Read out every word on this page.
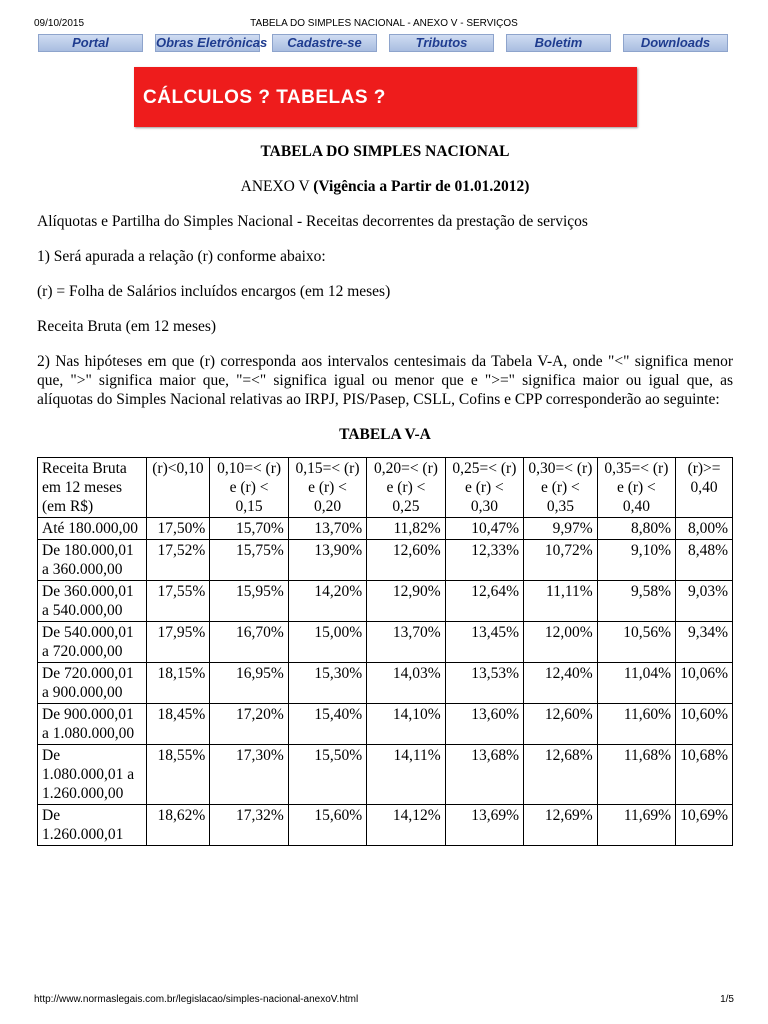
09/10/2015	TABELA DO SIMPLES NACIONAL - ANEXO V - SERVIÇOS
Portal	Obras Eletrônicas	Cadastre-se	Tributos	Boletim	Downloads
CÁLCULOS ? TABELAS ?

TABELA DO SIMPLES NACIONAL

ANEXO V (Vigência a Partir de 01.01.2012)

Alíquotas e Partilha do Simples Nacional - Receitas decorrentes da prestação de serviços

1) Será apurada a relação (r) conforme abaixo:

(r) = Folha de Salários incluídos encargos (em 12 meses)

Receita Bruta (em 12 meses)

2) Nas hipóteses em que (r) corresponda aos intervalos centesimais da Tabela V-A, onde "<" significa menor que, ">" significa maior que, "=<" significa igual ou menor que e ">=" significa maior ou igual que, as alíquotas do Simples Nacional relativas ao IRPJ, PIS/Pasep, CSLL, Cofins e CPP corresponderão ao seguinte:

TABELA V-A

Receita Bruta em 12 meses (em R$)	(r)<0,10	0,10=< (r) e (r) < 0,15	0,15=< (r) e (r) < 0,20	0,20=< (r) e (r) < 0,25	0,25=< (r) e (r) < 0,30	0,30=< (r) e (r) < 0,35	0,35=< (r) e (r) < 0,40	(r)>= 0,40
Até 180.000,00	17,50%	15,70%	13,70%	11,82%	10,47%	9,97%	8,80%	8,00%
De 180.000,01 a 360.000,00	17,52%	15,75%	13,90%	12,60%	12,33%	10,72%	9,10%	8,48%
De 360.000,01 a 540.000,00	17,55%	15,95%	14,20%	12,90%	12,64%	11,11%	9,58%	9,03%
De 540.000,01 a 720.000,00	17,95%	16,70%	15,00%	13,70%	13,45%	12,00%	10,56%	9,34%
De 720.000,01 a 900.000,00	18,15%	16,95%	15,30%	14,03%	13,53%	12,40%	11,04%	10,06%
De 900.000,01 a 1.080.000,00	18,45%	17,20%	15,40%	14,10%	13,60%	12,60%	11,60%	10,60%
De 1.080.000,01 a 1.260.000,00	18,55%	17,30%	15,50%	14,11%	13,68%	12,68%	11,68%	10,68%
De 1.260.000,01	18,62%	17,32%	15,60%	14,12%	13,69%	12,69%	11,69%	10,69%
http://www.normaslegais.com.br/legislacao/simples-nacional-anexoV.html	1/5
